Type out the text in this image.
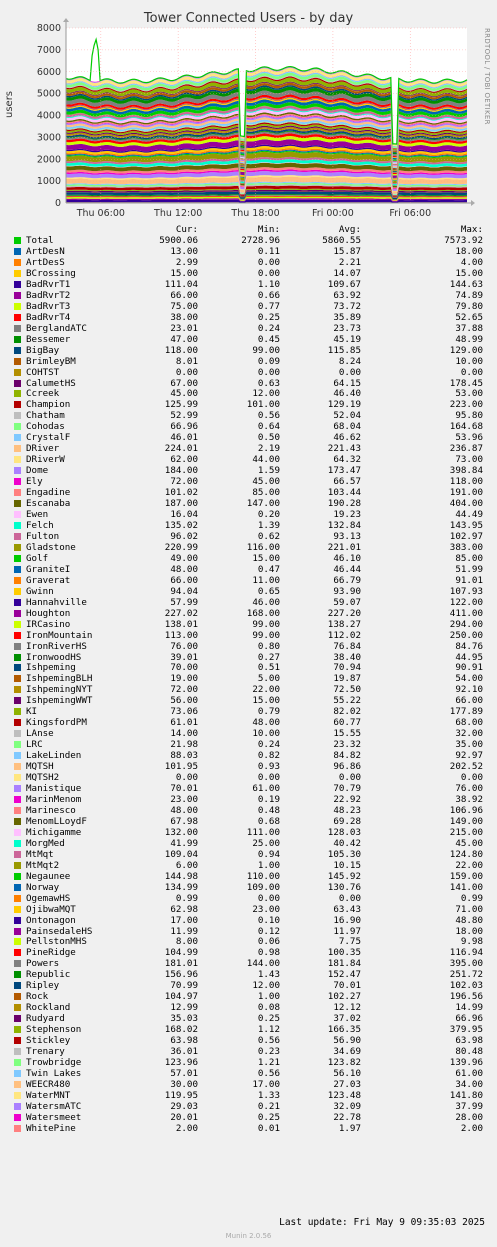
Tower Connected Users - by day
RRDTOOL / TOBI OETIKER
users
0
1000
2000
3000
4000
5000
6000
7000
8000
Thu 06:00	Thu 12:00	Thu 18:00	Fri 00:00	Fri 06:00
Cur:	Min:	Avg:	Max:
Total	5900.06	2728.96	5860.55	7573.92
ArtDesN	13.00	0.11	15.87	18.00
ArtDesS	2.99	0.00	2.21	4.00
BCrossing	15.00	0.00	14.07	15.00
BadRvrT1	111.04	1.10	109.67	144.63
BadRvrT2	66.00	0.66	63.92	74.89
BadRvrT3	75.00	0.77	73.72	79.80
BadRvrT4	38.00	0.25	35.89	52.65
BerglandATC	23.01	0.24	23.73	37.88
Bessemer	47.00	0.45	45.19	48.99
BigBay	118.00	99.00	115.85	129.00
BrimleyBM	8.01	0.09	8.24	10.00
COHTST	0.00	0.00	0.00	0.00
CalumetHS	67.00	0.63	64.15	178.45
Ccreek	45.00	12.00	46.40	53.00
Champion	125.99	101.00	129.19	223.00
Chatham	52.99	0.56	52.04	95.80
Cohodas	66.96	0.64	68.04	164.68
CrystalF	46.01	0.50	46.62	53.96
DRiver	224.01	2.19	221.43	236.87
DRiverW	62.00	44.00	64.32	73.00
Dome	184.00	1.59	173.47	398.84
Ely	72.00	45.00	66.57	118.00
Engadine	101.02	85.00	103.44	191.00
Escanaba	187.00	147.00	190.28	404.00
Ewen	16.04	0.20	19.23	44.49
Felch	135.02	1.39	132.84	143.95
Fulton	96.02	0.62	93.13	102.97
Gladstone	220.99	116.00	221.01	383.00
Golf	49.00	15.00	46.10	85.00
GraniteI	48.00	0.47	46.44	51.99
Graverat	66.00	11.00	66.79	91.01
Gwinn	94.04	0.65	93.90	107.93
Hannahville	57.99	46.00	59.07	122.00
Houghton	227.02	168.00	227.20	411.00
IRCasino	138.01	99.00	138.27	294.00
IronMountain	113.00	99.00	112.02	250.00
IronRiverHS	76.00	0.80	76.84	84.76
IronwoodHS	39.01	0.27	38.40	44.95
Ishpeming	70.00	0.51	70.94	90.91
IshpemingBLH	19.00	5.00	19.87	54.00
IshpemingNYT	72.00	22.00	72.50	92.10
IshpemingWWT	56.00	15.00	55.22	66.00
KI	73.06	0.79	82.02	177.89
KingsfordPM	61.01	48.00	60.77	68.00
LAnse	14.00	10.00	15.55	32.00
LRC	21.98	0.24	23.32	35.00
LakeLinden	88.03	0.82	84.82	92.97
MQTSH	101.95	0.93	96.86	202.52
MQTSH2	0.00	0.00	0.00	0.00
Manistique	70.01	61.00	70.79	76.00
MarinMenom	23.00	0.19	22.92	38.92
Marinesco	48.00	0.48	48.23	106.96
MenomLLoydF	67.98	0.68	69.28	149.00
Michigamme	132.00	111.00	128.03	215.00
MorgMed	41.99	25.00	40.42	45.00
MtMqt	109.04	0.94	105.30	124.80
MtMqt2	6.00	1.00	10.15	22.00
Negaunee	144.98	110.00	145.92	159.00
Norway	134.99	109.00	130.76	141.00
OgemawHS	0.99	0.00	0.00	0.99
OjibwaMQT	62.98	23.00	63.43	71.00
Ontonagon	17.00	0.10	16.90	48.80
PainsedaleHS	11.99	0.12	11.97	18.00
PellstonMHS	8.00	0.06	7.75	9.98
PineRidge	104.99	0.98	100.35	116.94
Powers	181.01	144.00	181.84	395.00
Republic	156.96	1.43	152.47	251.72
Ripley	70.99	12.00	70.01	102.03
Rock	104.97	1.00	102.27	196.56
Rockland	12.99	0.08	12.12	14.99
Rudyard	35.03	0.25	37.02	66.96
Stephenson	168.02	1.12	166.35	379.95
Stickley	63.98	0.56	56.90	63.98
Trenary	36.01	0.23	34.69	80.48
Trowbridge	123.96	1.21	123.82	139.96
Twin Lakes	57.01	0.56	56.10	61.00
WEECR480	30.00	17.00	27.03	34.00
WaterMNT	119.95	1.33	123.48	141.80
WatersmATC	29.03	0.21	32.09	37.99
Watersmeet	20.01	0.25	22.78	28.00
WhitePine	2.00	0.01	1.97	2.00
Last update: Fri May 9 09:35:03 2025
Munin 2.0.56
